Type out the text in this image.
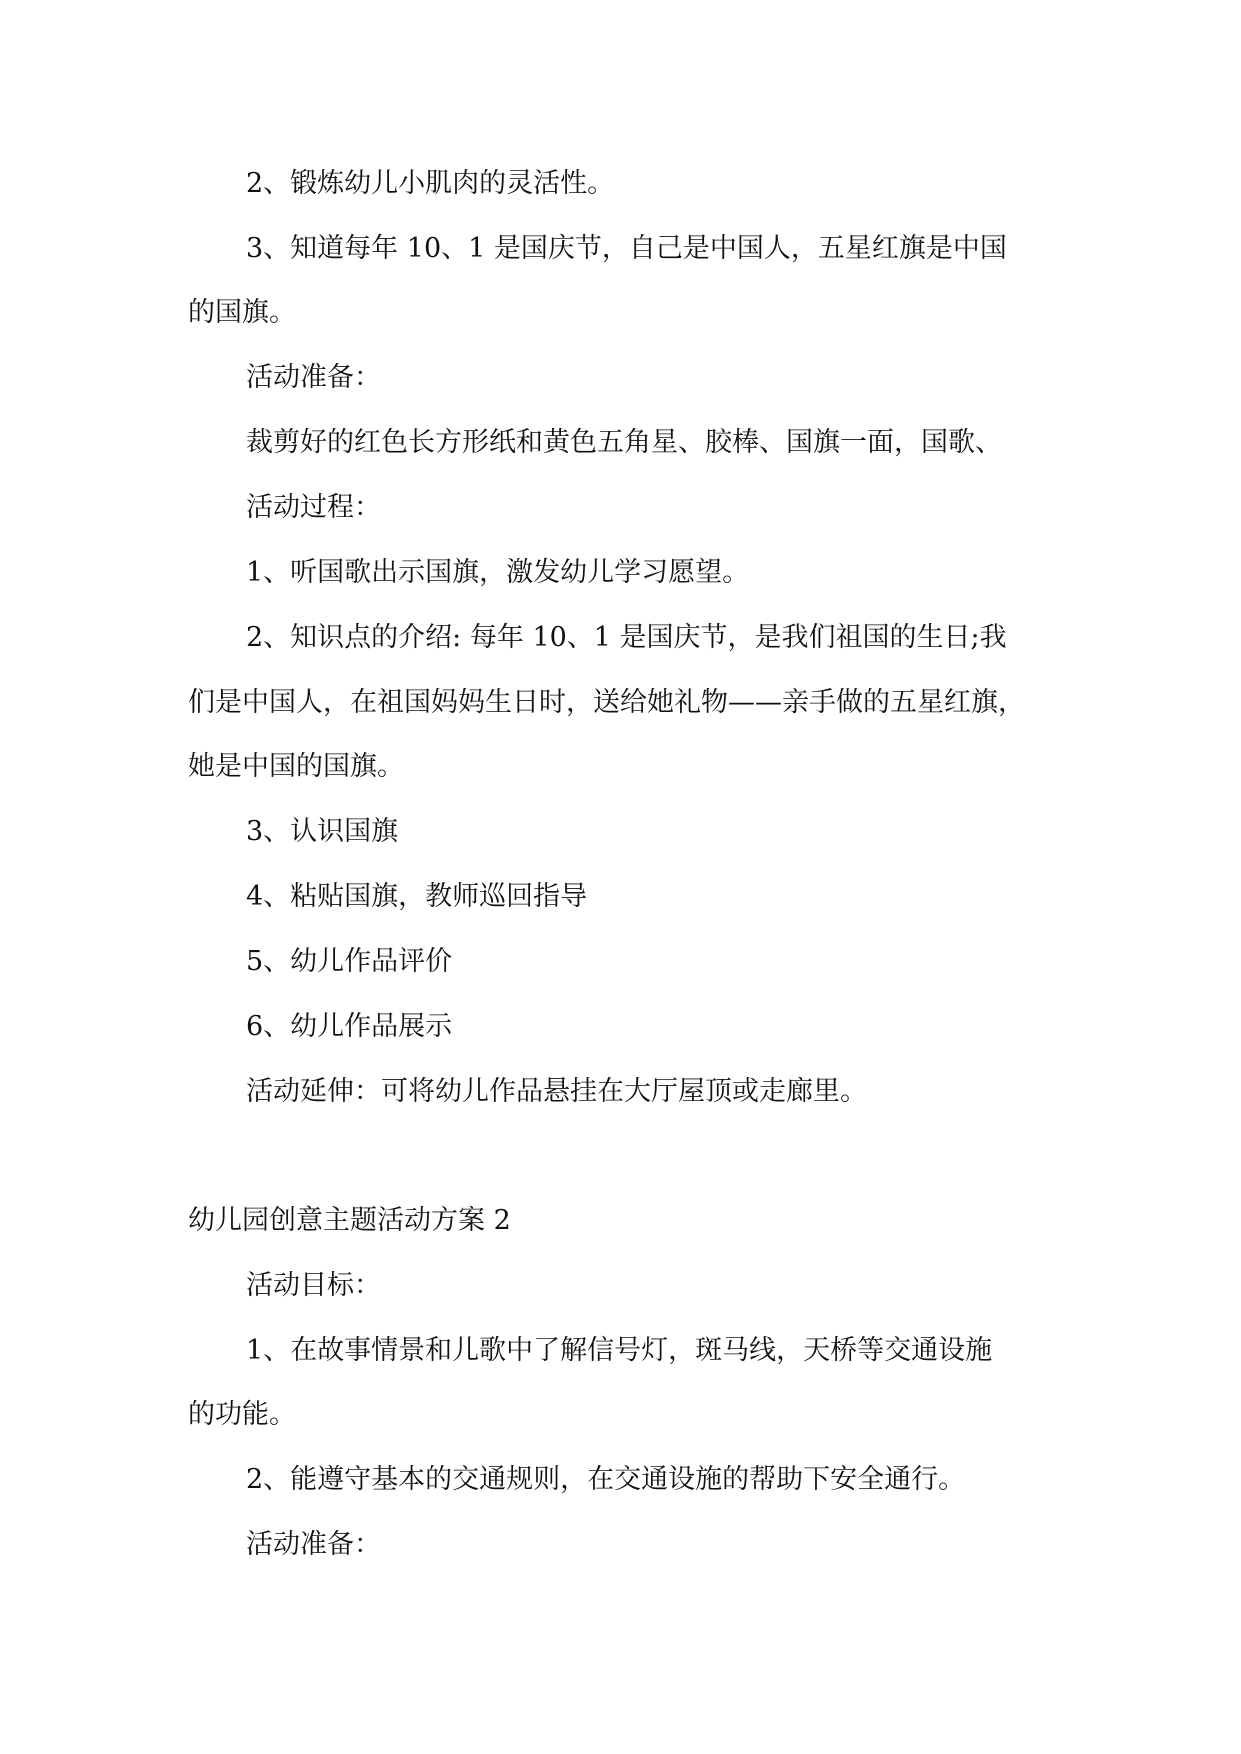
2、锻炼幼儿小肌肉的灵活性。

3、知道每年 10、1 是国庆节，自己是中国人，五星红旗是中国

的国旗。

活动准备：

裁剪好的红色长方形纸和黄色五角星、胶棒、国旗一面，国歌、

活动过程：

1、听国歌出示国旗，激发幼儿学习愿望。

2、知识点的介绍: 每年 10、1 是国庆节，是我们祖国的生日;我

们是中国人，在祖国妈妈生日时，送给她礼物——亲手做的五星红旗，

她是中国的国旗。

3、认识国旗

4、粘贴国旗，教师巡回指导

5、幼儿作品评价

6、幼儿作品展示

活动延伸：可将幼儿作品悬挂在大厅屋顶或走廊里。

幼儿园创意主题活动方案 2

活动目标：

1、在故事情景和儿歌中了解信号灯，斑马线，天桥等交通设施

的功能。

2、能遵守基本的交通规则，在交通设施的帮助下安全通行。

活动准备：
